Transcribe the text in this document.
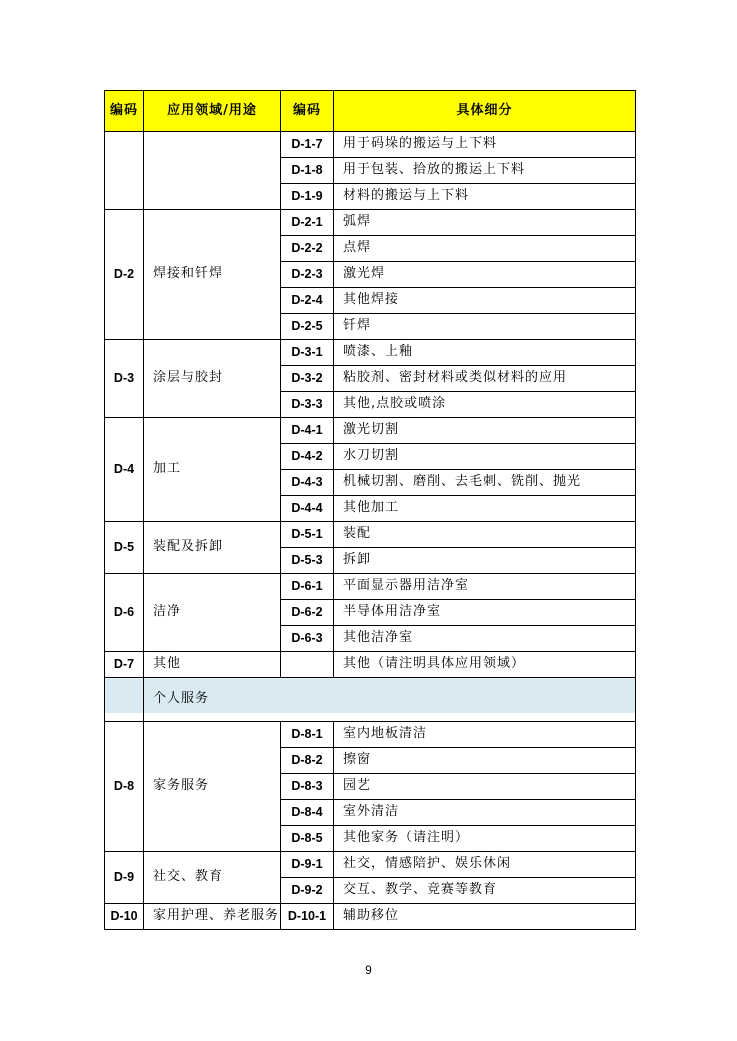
编码	应用领域/用途	编码	具体细分
		D-1-7	用于码垛的搬运与上下料
		D-1-8	用于包装、拾放的搬运上下料
		D-1-9	材料的搬运与上下料
D-2	焊接和钎焊	D-2-1	弧焊
		D-2-2	点焊
		D-2-3	激光焊
		D-2-4	其他焊接
		D-2-5	钎焊
D-3	涂层与胶封	D-3-1	喷漆、上釉
		D-3-2	粘胶剂、密封材料或类似材料的应用
		D-3-3	其他,点胶或喷涂
D-4	加工	D-4-1	激光切割
		D-4-2	水刀切割
		D-4-3	机械切割、磨削、去毛刺、铣削、抛光
		D-4-4	其他加工
D-5	装配及拆卸	D-5-1	装配
		D-5-3	拆卸
D-6	洁净	D-6-1	平面显示器用洁净室
		D-6-2	半导体用洁净室
		D-6-3	其他洁净室
D-7	其他		其他（请注明具体应用领域）
	个人服务		
D-8	家务服务	D-8-1	室内地板清洁
		D-8-2	擦窗
		D-8-3	园艺
		D-8-4	室外清洁
		D-8-5	其他家务（请注明）
D-9	社交、教育	D-9-1	社交，情感陪护、娱乐休闲
		D-9-2	交互、教学、竞赛等教育
D-10	家用护理、养老服务	D-10-1	辅助移位
9
